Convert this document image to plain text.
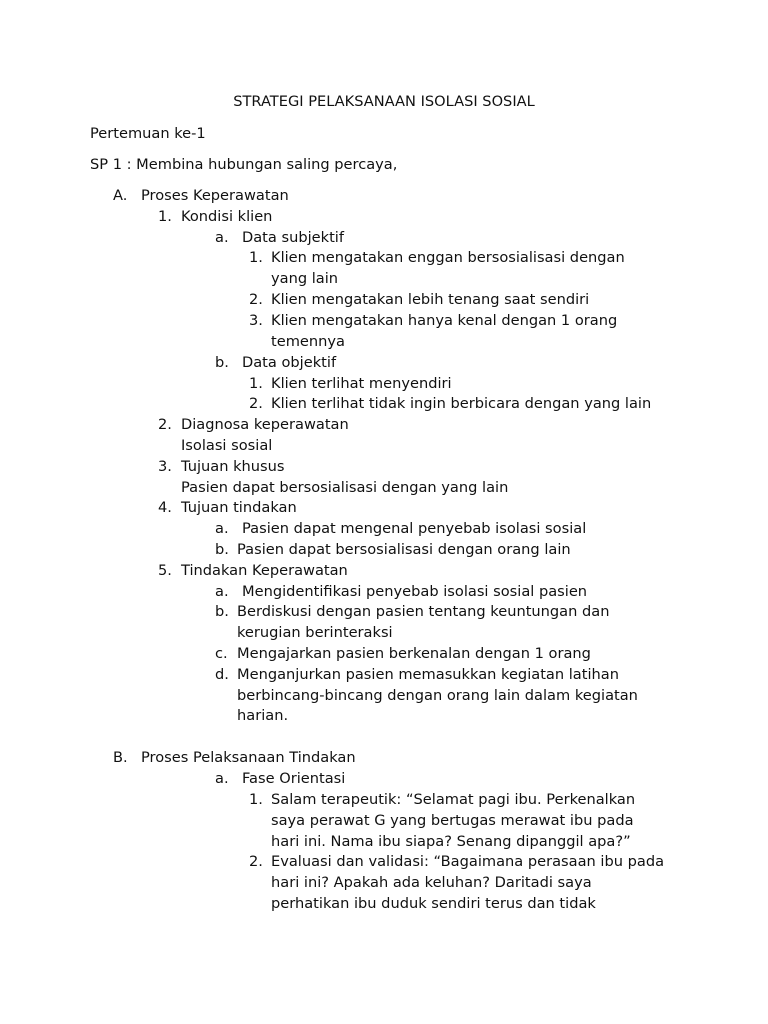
STRATEGI PELAKSANAAN ISOLASI SOSIAL
Pertemuan ke-1
SP 1 : Membina hubungan saling percaya,
A. Proses Keperawatan
1. Kondisi klien
a. Data subjektif
1. Klien mengatakan enggan bersosialisasi dengan
yang lain
2. Klien mengatakan lebih tenang saat sendiri
3. Klien mengatakan hanya kenal dengan 1 orang
temennya
b. Data objektif
1. Klien terlihat menyendiri
2. Klien terlihat tidak ingin berbicara dengan yang lain
2. Diagnosa keperawatan
Isolasi sosial
3. Tujuan khusus
Pasien dapat bersosialisasi dengan yang lain
4. Tujuan tindakan
a. Pasien dapat mengenal penyebab isolasi sosial
b. Pasien dapat bersosialisasi dengan orang lain
5. Tindakan Keperawatan
a. Mengidentifikasi penyebab isolasi sosial pasien
b. Berdiskusi dengan pasien tentang keuntungan dan
kerugian berinteraksi
c. Mengajarkan pasien berkenalan dengan 1 orang
d. Menganjurkan pasien memasukkan kegiatan latihan
berbincang-bincang dengan orang lain dalam kegiatan
harian.
B. Proses Pelaksanaan Tindakan
a. Fase Orientasi
1. Salam terapeutik: “Selamat pagi ibu. Perkenalkan
saya perawat G yang bertugas merawat ibu pada
hari ini. Nama ibu siapa? Senang dipanggil apa?”
2. Evaluasi dan validasi: “Bagaimana perasaan ibu pada
hari ini? Apakah ada keluhan? Daritadi saya
perhatikan ibu duduk sendiri terus dan tidak
